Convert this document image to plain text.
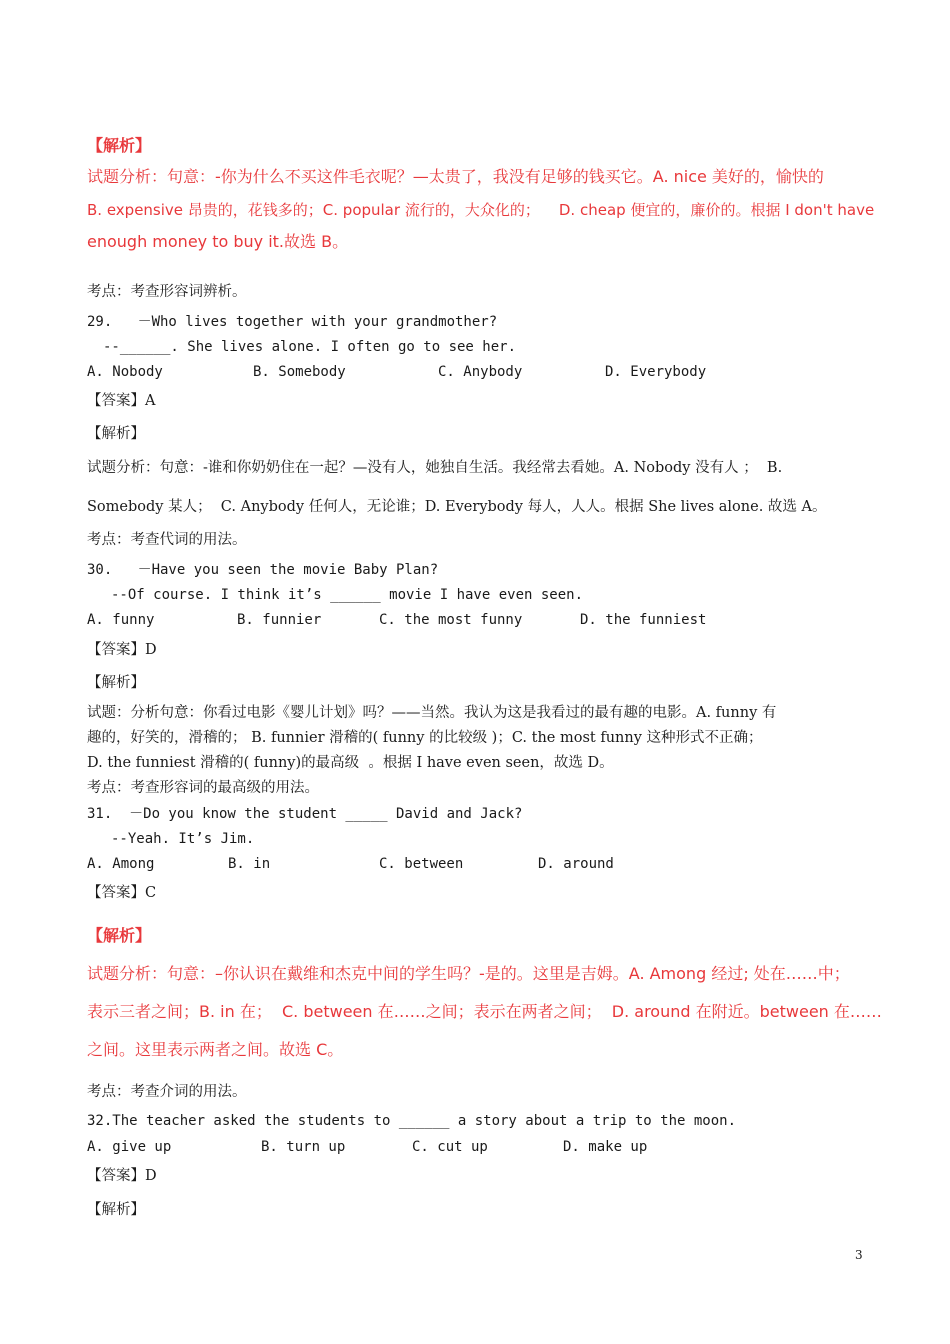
【解析】
试题分析：句意：-你为什么不买这件毛衣呢？—太贵了，我没有足够的钱买它。A. nice 美好的，愉快的
B. expensive 昂贵的，花钱多的；C. popular 流行的，大众化的；    D. cheap 便宜的，廉价的。根据 I don't have
enough money to buy it.故选 B。
考点：考查形容词辨析。
29.   －Who lives together with your grandmother?
--______. She lives alone. I often go to see her.
A. Nobody	B. Somebody	C. Anybody	D. Everybody
【答案】A
【解析】
试题分析：句意：-谁和你奶奶住在一起？—没有人，她独自生活。我经常去看她。A. Nobody 没有人 ；  B.
Somebody 某人；  C. Anybody 任何人，无论谁；D. Everybody 每人，人人。根据 She lives alone. 故选 A。
考点：考查代词的用法。
30.   －Have you seen the movie Baby Plan?
--Of course. I think it’s ______ movie I have even seen.
A. funny	B. funnier	C. the most funny	D. the funniest
【答案】D
【解析】
试题：分析句意：你看过电影《婴儿计划》吗？——当然。我认为这是我看过的最有趣的电影。A. funny 有
趣的，好笑的，滑稽的； B. funnier 滑稽的( funny 的比较级 )；C. the most funny 这种形式不正确；
D. the funniest 滑稽的( funny)的最高级  。根据 I have even seen，故选 D。
考点：考查形容词的最高级的用法。
31.  －Do you know the student _____ David and Jack?
--Yeah. It’s Jim.
A. Among	B. in	C. between	D. around
【答案】C
【解析】
试题分析：句意：–你认识在戴维和杰克中间的学生吗？-是的。这里是吉姆。A. Among 经过; 处在……中；
表示三者之间；B. in 在；  C. between 在……之间；表示在两者之间；  D. around 在附近。between 在……
之间。这里表示两者之间。故选 C。
考点：考查介词的用法。
32.The teacher asked the students to ______ a story about a trip to the moon.
A. give up	B. turn up	C. cut up	D. make up
【答案】D
【解析】
3
